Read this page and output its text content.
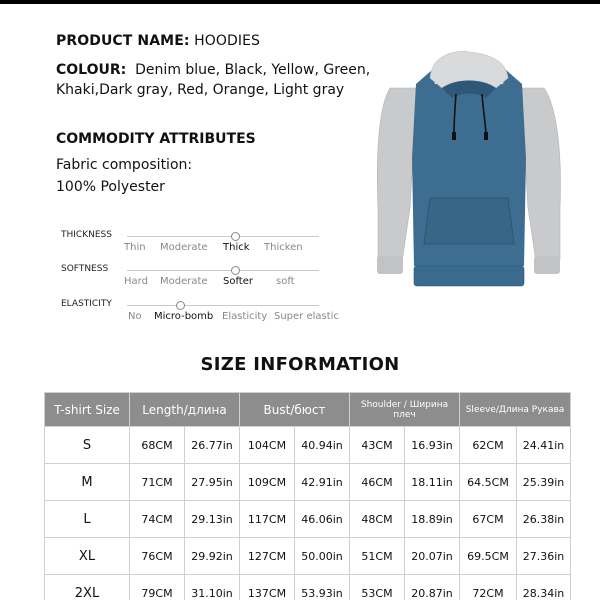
PRODUCT NAME: HOODIES
COLOUR: Denim blue, Black, Yellow, Green, Khaki,Dark gray, Red, Orange, Light gray
COMMODITY ATTRIBUTES
Fabric composition:
100% Polyester
THICKNESS
Thin Moderate Thick Thicken
SOFTNESS
Hard Moderate Softer soft
ELASTICITY
No Micro-bomb Elasticity Super elastic
SIZE INFORMATION
T-shirt Size	Length/длина		Bust/бюст		Shoulder / Ширина плеч		Sleeve/Длина Рукава	
S	68CM	26.77in	104CM	40.94in	43CM	16.93in	62CM	24.41in
M	71CM	27.95in	109CM	42.91in	46CM	18.11in	64.5CM	25.39in
L	74CM	29.13in	117CM	46.06in	48CM	18.89in	67CM	26.38in
XL	76CM	29.92in	127CM	50.00in	51CM	20.07in	69.5CM	27.36in
2XL	79CM	31.10in	137CM	53.93in	53CM	20.87in	72CM	28.34in
